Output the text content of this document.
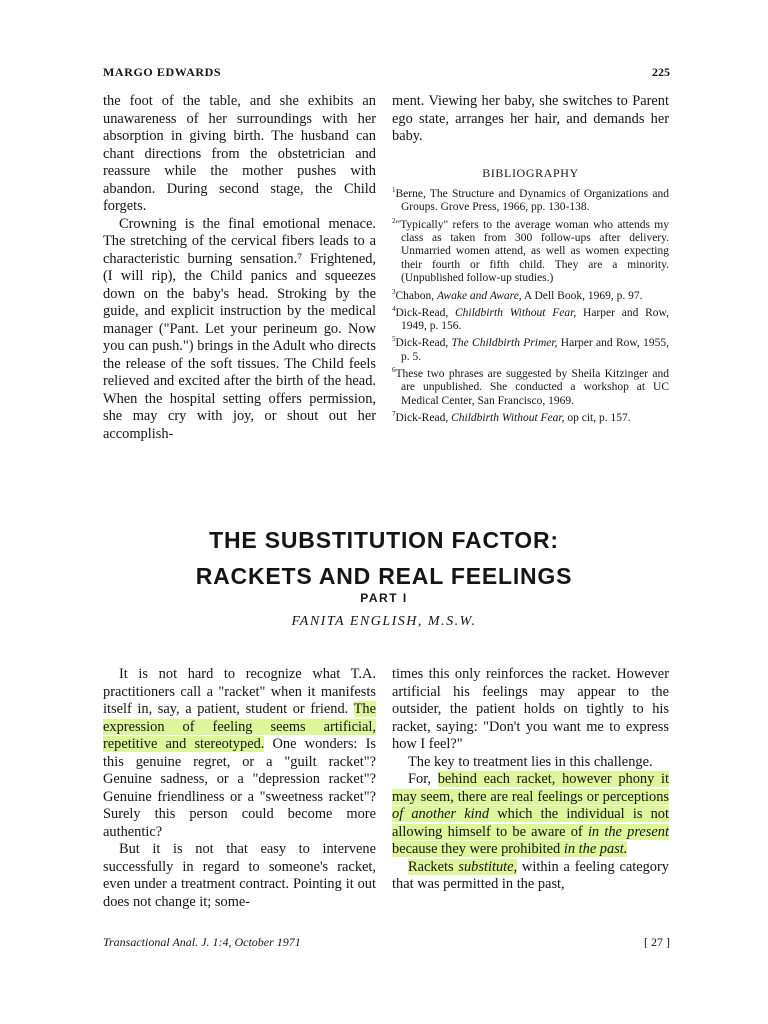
MARGO EDWARDS	225

the foot of the table, and she exhibits an unawareness of her surroundings with her absorption in giving birth. The husband can chant directions from the obstetrician and reassure while the mother pushes with abandon. During second stage, the Child forgets.

Crowning is the final emotional menace. The stretching of the cervical fibers leads to a characteristic burning sensation.⁷ Frightened, (I will rip), the Child panics and squeezes down on the baby's head. Stroking by the guide, and explicit instruction by the medical manager ("Pant. Let your perineum go. Now you can push.") brings in the Adult who directs the release of the soft tissues. The Child feels relieved and excited after the birth of the head. When the hospital setting offers permission, she may cry with joy, or shout out her accomplish-

ment. Viewing her baby, she switches to Parent ego state, arranges her hair, and demands her baby.

BIBLIOGRAPHY

$^1$Berne, The Structure and Dynamics of Organizations and Groups. Grove Press, 1966, pp. 130-138.

$^2$"Typically" refers to the average woman who attends my class as taken from 300 follow-ups after delivery. Unmarried women attend, as well as women expecting their fourth or fifth child. They are a minority. (Unpublished follow-up studies.)

$^3$Chabon, Awake and Aware, A Dell Book, 1969, p. 97.

$^4$Dick-Read, Childbirth Without Fear, Harper and Row, 1949, p. 156.

$^5$Dick-Read, The Childbirth Primer, Harper and Row, 1955, p. 5.

$^6$These two phrases are suggested by Sheila Kitzinger and are unpublished. She conducted a workshop at UC Medical Center, San Francisco, 1969.

$^7$Dick-Read, Childbirth Without Fear, op cit, p. 157.

THE SUBSTITUTION FACTOR:
RACKETS AND REAL FEELINGS
PART I
FANITA ENGLISH, M.S.W.

It is not hard to recognize what T.A. practitioners call a "racket" when it manifests itself in, say, a patient, student or friend. The expression of feeling seems artificial, repetitive and stereotyped. One wonders: Is this genuine regret, or a "guilt racket"? Genuine sadness, or a "depression racket"? Genuine friendliness or a "sweetness racket"? Surely this person could become more authentic?

But it is not that easy to intervene successfully in regard to someone's racket, even under a treatment contract. Pointing it out does not change it; some-

times this only reinforces the racket. However artificial his feelings may appear to the outsider, the patient holds on tightly to his racket, saying: "Don't you want me to express how I feel?"

The key to treatment lies in this challenge.

For, behind each racket, however phony it may seem, there are real feelings or perceptions of another kind which the individual is not allowing himself to be aware of in the present because they were prohibited in the past.

Rackets substitute, within a feeling category that was permitted in the past,

Transactional Anal. J. 1:4, October 1971	[ 27 ]
